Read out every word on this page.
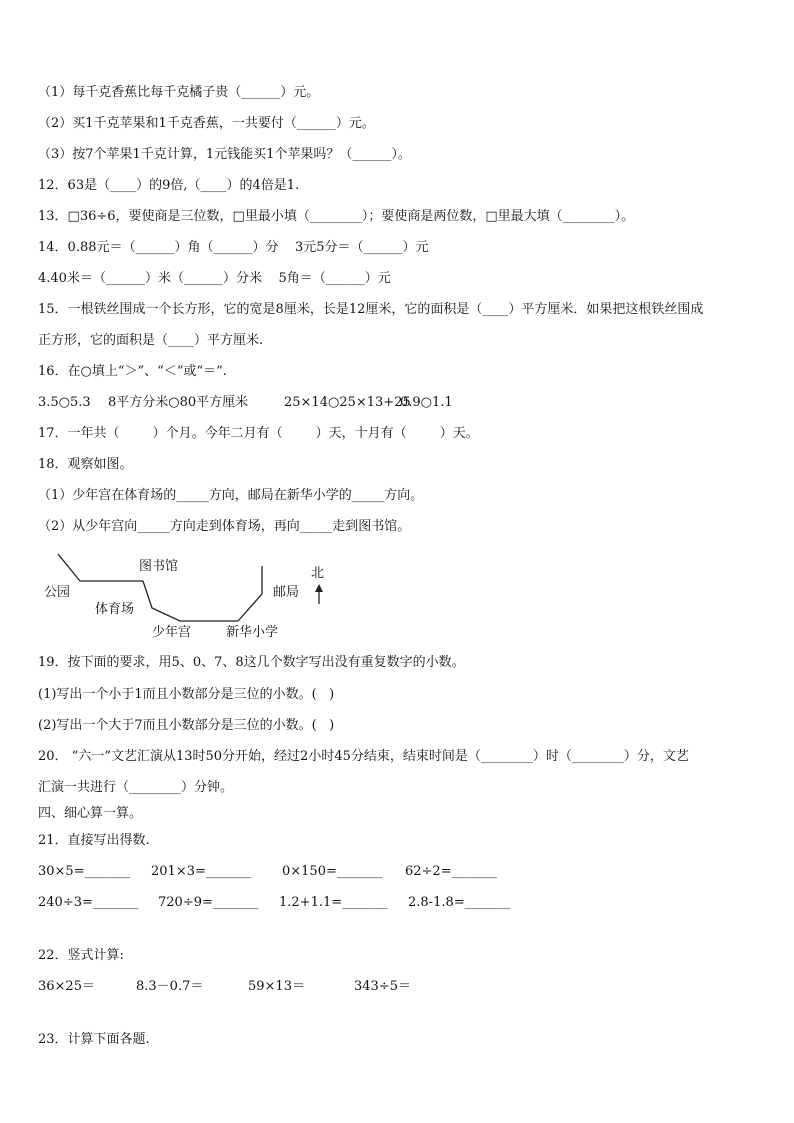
（1）每千克香蕉比每千克橘子贵（______）元。
（2）买1千克苹果和1千克香蕉，一共要付（______）元。
（3）按7个苹果1千克计算，1元钱能买1个苹果吗？（______）。
12．63是（____）的9倍,（____）的4倍是1.
13．□36÷6，要使商是三位数，□里最小填（________）；要使商是两位数，□里最大填（________）。
14．0.88元＝（______）角（______）分    3元5分＝（______）元
4.40米＝（______）米（______）分米    5角＝（______）元
15．一根铁丝围成一个长方形，它的宽是8厘米，长是12厘米，它的面积是（____）平方厘米．如果把这根铁丝围成
正方形，它的面积是（____）平方厘米.
16．在○填上“＞”、“＜”或“＝”.
3.5○5.3	8平方分米○80平方厘米	25×14○25×13+25
0.9○1.1
17．一年共（        ）个月。今年二月有（        ）天，十月有（        ）天。
18．观察如图。
（1）少年宫在体育场的_____方向，邮局在新华小学的_____方向。
（2）从少年宫向_____方向走到体育场，再向_____走到图书馆。
图书馆
公园
体育场
少年宫	新华小学
邮局
北
19．按下面的要求，用5、0、7、8这几个数字写出没有重复数字的小数。
(1)写出一个小于1而且小数部分是三位的小数。(   )
(2)写出一个大于7而且小数部分是三位的小数。(   )
20． “六一”文艺汇演从13时50分开始，经过2小时45分结束，结束时间是（________）时（________）分，文艺
汇演一共进行（________）分钟。
四、细心算一算。
21．直接写出得数.
30×5=_______	201×3=_______	0×150=_______	62÷2=_______
240÷3=_______	720÷9=_______	1.2+1.1=_______	2.8-1.8=_______
22．竖式计算:
36×25＝	8.3－0.7＝	59×13＝	343÷5＝
23．计算下面各题.
